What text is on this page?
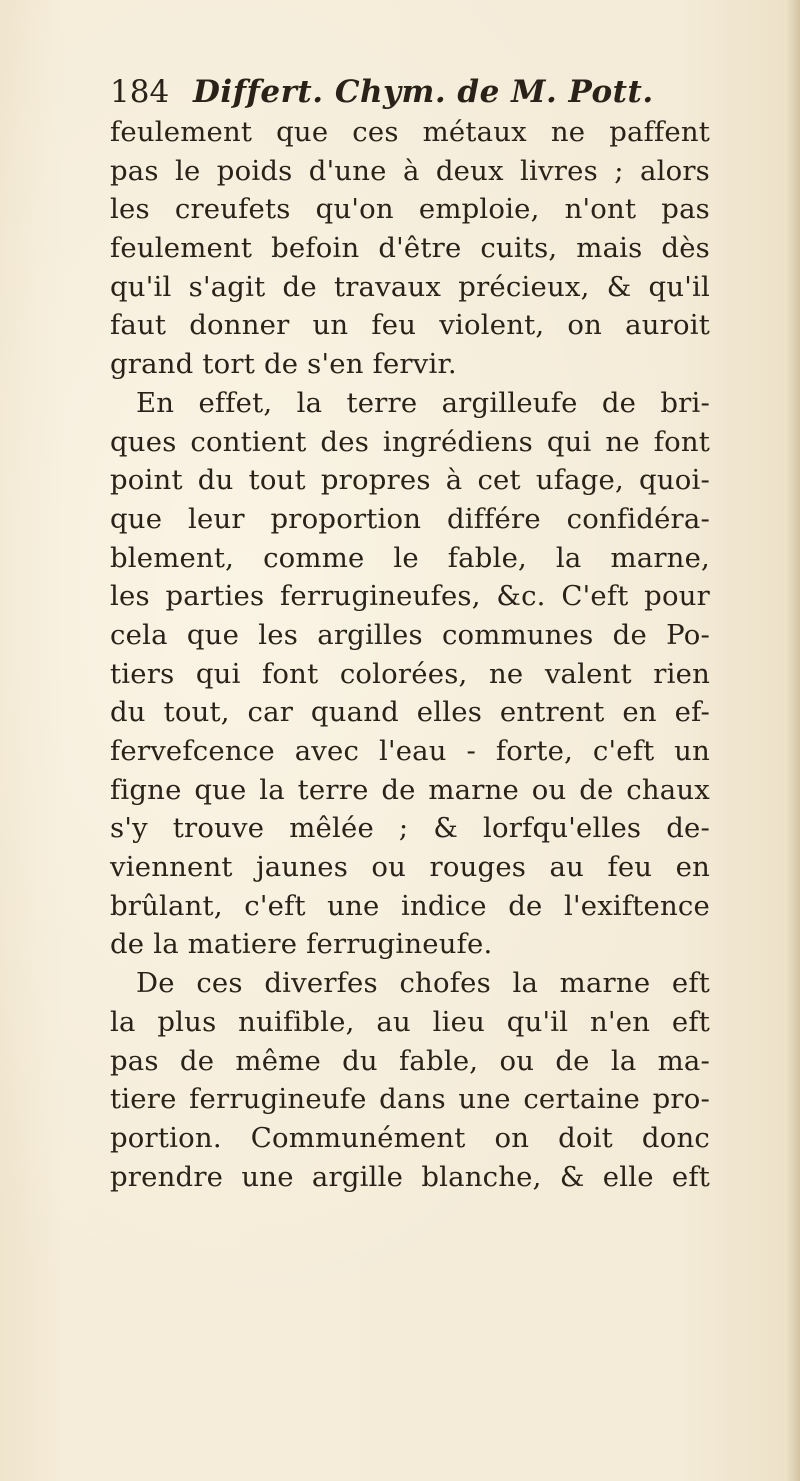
184 Differt. Chym. de M. Pott.
feulement que ces métaux ne paffent
pas le poids d'une à deux livres ; alors
les creufets qu'on emploie, n'ont pas
feulement befoin d'être cuits, mais dès
qu'il s'agit de travaux précieux, & qu'il
faut donner un feu violent, on auroit
grand tort de s'en fervir.
En effet, la terre argilleufe de bri-
ques contient des ingrédiens qui ne font
point du tout propres à cet ufage, quoi-
que leur proportion différe confidéra-
blement, comme le fable, la marne,
les parties ferrugineufes, &c. C'eft pour
cela que les argilles communes de Po-
tiers qui font colorées, ne valent rien
du tout, car quand elles entrent en ef-
fervefcence avec l'eau - forte, c'eft un
figne que la terre de marne ou de chaux
s'y trouve mêlée ; & lorfqu'elles de-
viennent jaunes ou rouges au feu en
brûlant, c'eft une indice de l'exiftence
de la matiere ferrugineufe.
De ces diverfes chofes la marne eft
la plus nuifible, au lieu qu'il n'en eft
pas de même du fable, ou de la ma-
tiere ferrugineufe dans une certaine pro-
portion. Communément on doit donc
prendre une argille blanche, & elle eft
